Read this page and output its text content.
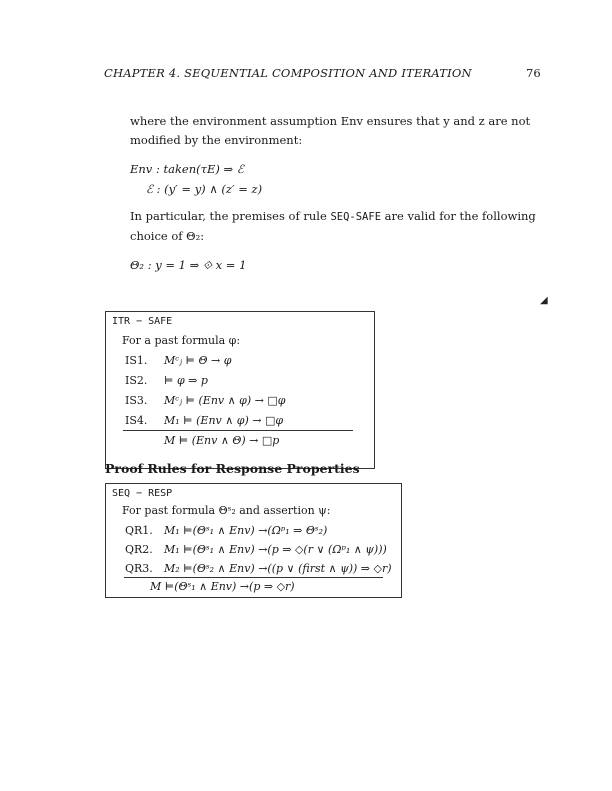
CHAPTER 4. SEQUENTIAL COMPOSITION AND ITERATION	76
where the environment assumption Env ensures that y and z are not modified by the environment:
Env : taken(τE) ⇒ ℰ
ℰ : (y′ = y) ∧ (z′ = z)
In particular, the premises of rule SEQ-SAFE are valid for the following choice of Θ₂:
Θ₂ : y = 1 ⇒ ⟐ x = 1
ITR − SAFE
For a past formula φ:
IS1. Mᶜⱼ ⊨ Θ → φ
IS2. ⊨ φ ⇒ p
IS3. Mᶜⱼ ⊨ (Env ∧ φ) → □φ
IS4. M₁ ⊨ (Env ∧ φ) → □φ
M ⊨ (Env ∧ Θ) → □p
Proof Rules for Response Properties
SEQ − RESP
For past formula Θˢ₂ and assertion ψ:
QR1. M₁ ⊨(Θˢ₁ ∧ Env) →(Ωᵖ₁ ⇒ Θˢ₂)
QR2. M₁ ⊨(Θˢ₁ ∧ Env) →(p ⇒ ◇(r ∨ (Ωᵖ₁ ∧ ψ)))
QR3. M₂ ⊨(Θˢ₂ ∧ Env) →((p ∨ (first ∧ ψ)) ⇒ ◇r)
M ⊨(Θˢ₁ ∧ Env) →(p ⇒ ◇r)
◢
